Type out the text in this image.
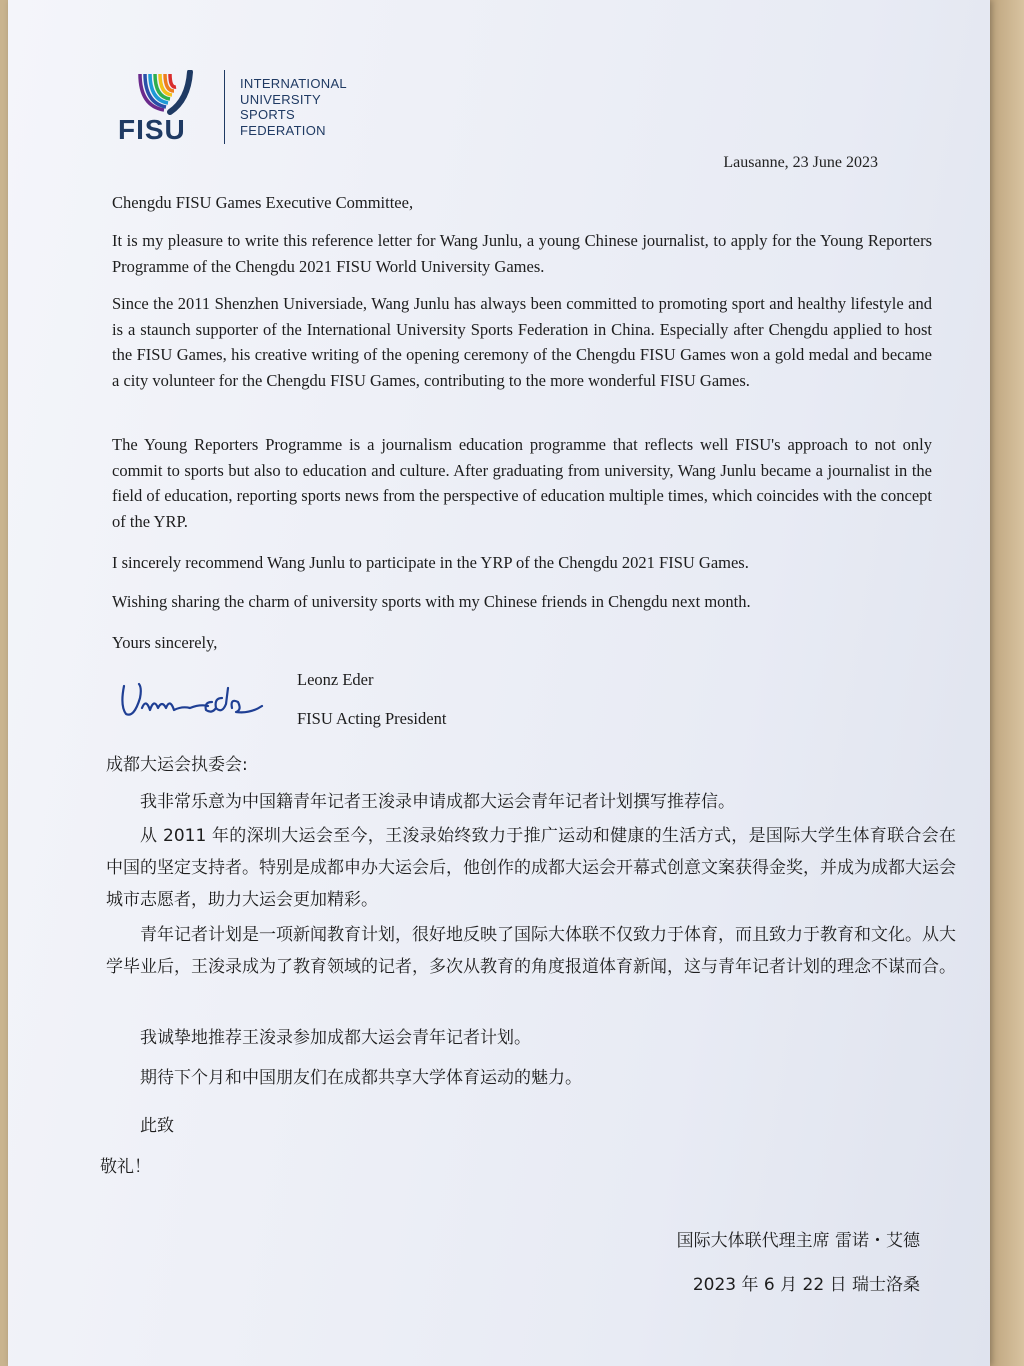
FISU
INTERNATIONAL
UNIVERSITY
SPORTS
FEDERATION
Lausanne, 23 June 2023

Chengdu FISU Games Executive Committee,

It is my pleasure to write this reference letter for Wang Junlu, a young Chinese journalist, to apply for the Young Reporters Programme of the Chengdu 2021 FISU World University Games.

Since the 2011 Shenzhen Universiade, Wang Junlu has always been committed to promoting sport and healthy lifestyle and is a staunch supporter of the International University Sports Federation in China. Especially after Chengdu applied to host the FISU Games, his creative writing of the opening ceremony of the Chengdu FISU Games won a gold medal and became a city volunteer for the Chengdu FISU Games, contributing to the more wonderful FISU Games.

The Young Reporters Programme is a journalism education programme that reflects well FISU's approach to not only commit to sports but also to education and culture. After graduating from university, Wang Junlu became a journalist in the field of education, reporting sports news from the perspective of education multiple times, which coincides with the concept of the YRP.

I sincerely recommend Wang Junlu to participate in the YRP of the Chengdu 2021 FISU Games.

Wishing sharing the charm of university sports with my Chinese friends in Chengdu next month.

Yours sincerely,

Leonz Eder
FISU Acting President
成都大运会执委会:

我非常乐意为中国籍青年记者王浚录申请成都大运会青年记者计划撰写推荐信。

从 2011 年的深圳大运会至今，王浚录始终致力于推广运动和健康的生活方式，是国际大学生体育联合会在中国的坚定支持者。特别是成都申办大运会后，他创作的成都大运会开幕式创意文案获得金奖，并成为成都大运会城市志愿者，助力大运会更加精彩。

青年记者计划是一项新闻教育计划，很好地反映了国际大体联不仅致力于体育，而且致力于教育和文化。从大学毕业后，王浚录成为了教育领域的记者，多次从教育的角度报道体育新闻，这与青年记者计划的理念不谋而合。

我诚挚地推荐王浚录参加成都大运会青年记者计划。

期待下个月和中国朋友们在成都共享大学体育运动的魅力。

此致

敬礼！
国际大体联代理主席 雷诺・艾德
2023 年 6 月 22 日 瑞士洛桑
